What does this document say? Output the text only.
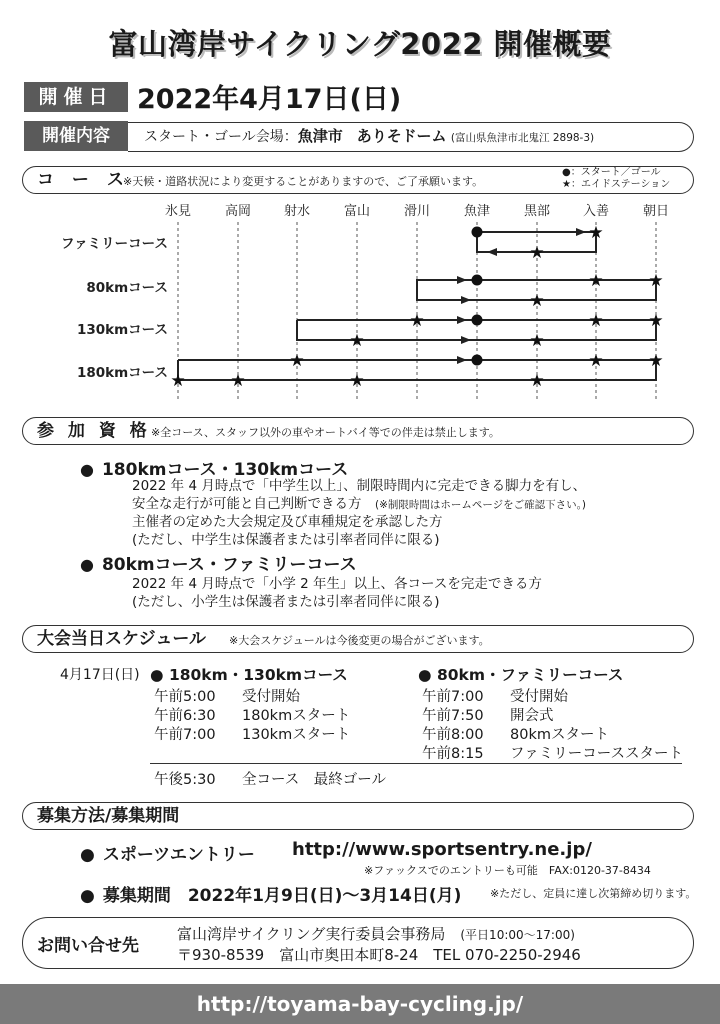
富山湾岸サイクリング2022 開催概要
開催日 2022年4月17日(日)
開催内容	スタート・ゴール会場：魚津市　 ありそドーム (富山県魚津市北鬼江 2898-3)
コ ー ス
※天候・道路状況により変更することがありますので、ご了承願います。
●：スタート／ゴール
★：エイドステーション
氷見	高岡	射水	富山	滑川	魚津	黒部	入善	朝日
ファミリーコース
80kmコース
130kmコース
180kmコース
★
★
★	★
★
★	★	★
★	★
★	★	★
★	★	★	★
参 加 資 格 ※全コース、スタッフ以外の車やオートバイ等での伴走は禁止します。
● 180kmコース・130kmコース
2022 年 4 月時点で「中学生以上」、制限時間内に完走できる脚力を有し、
安全な走行が可能と自己判断できる方　 (※制限時間はホームページをご確認下さい。)
主催者の定めた大会規定及び車種規定を承認した方
(ただし、中学生は保護者または引率者同伴に限る)
● 80kmコース・ファミリーコース
2022 年 4 月時点で「小学 2 年生」以上、各コースを完走できる方
(ただし、小学生は保護者または引率者同伴に限る)
大会当日スケジュール ※大会スケジュールは今後変更の場合がございます。
4月17日(日) ● 180km・130kmコース	● 80km・ファミリーコース
午前5:00 受付開始
午前6:30 180kmスタート
午前7:00 130kmスタート
午前7:00 受付開始
午前7:50 開会式
午前8:00 80kmスタート
午前8:15 ファミリーコーススタート
午後5:30 全コース　最終ゴール
募集方法/募集期間
● スポーツエントリー http://www.sportsentry.ne.jp/
※ファックスでのエントリーも可能　FAX:0120-37-8434
● 募集期間　 2022年1月9日(日)～3月14日(月)	※ただし、定員に達し次第締め切ります。
お問い合せ先
富山湾岸サイクリング実行委員会事務局　 (平日10:00～17:00)
〒930-8539　富山市奥田本町8-24　TEL 070-2250-2946
http://toyama-bay-cycling.jp/
